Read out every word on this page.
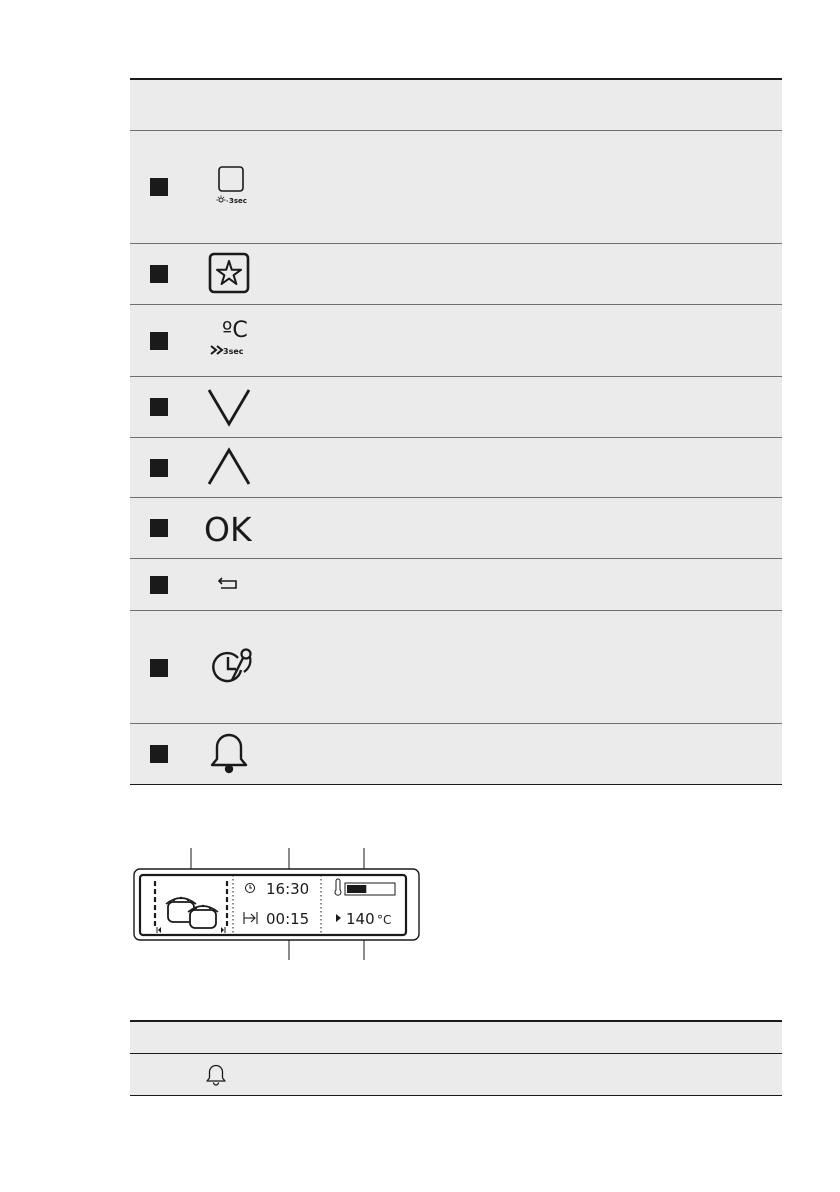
3sec
ºC
3sec
OK
16:30
00:15 140 °C
